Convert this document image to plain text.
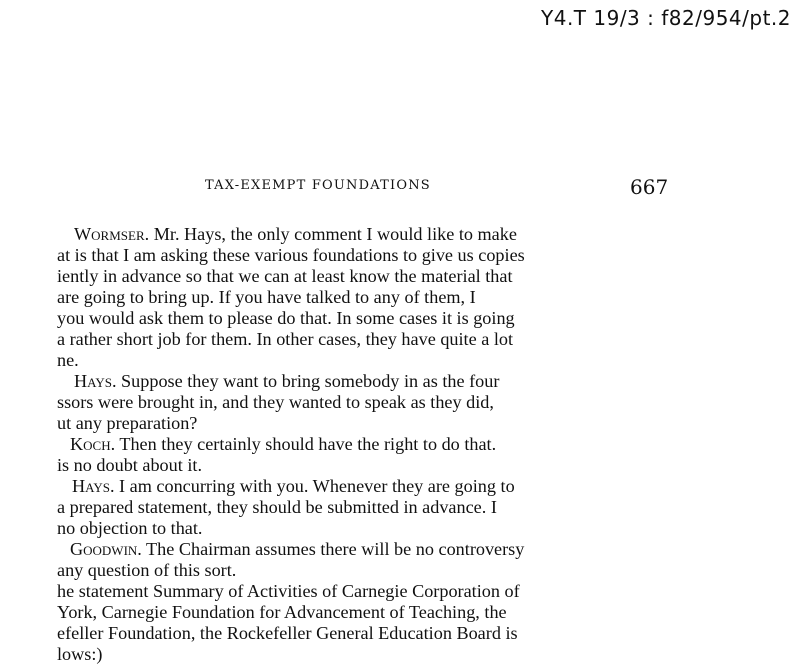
Y4.T 19/3 : f82/954/pt.2
TAX-EXEMPT FOUNDATIONS	667
Wormser. Mr. Hays, the only comment I would like to make
at is that I am asking these various foundations to give us copies
iently in advance so that we can at least know the material that
are going to bring up. If you have talked to any of them, I
you would ask them to please do that. In some cases it is going
a rather short job for them. In other cases, they have quite a lot
ne.
Hays. Suppose they want to bring somebody in as the four
ssors were brought in, and they wanted to speak as they did,
ut any preparation?
Koch. Then they certainly should have the right to do that.
is no doubt about it.
Hays. I am concurring with you. Whenever they are going to
a prepared statement, they should be submitted in advance. I
no objection to that.
Goodwin. The Chairman assumes there will be no controversy
any question of this sort.
he statement Summary of Activities of Carnegie Corporation of
York, Carnegie Foundation for Advancement of Teaching, the
efeller Foundation, the Rockefeller General Education Board is
lows:)
